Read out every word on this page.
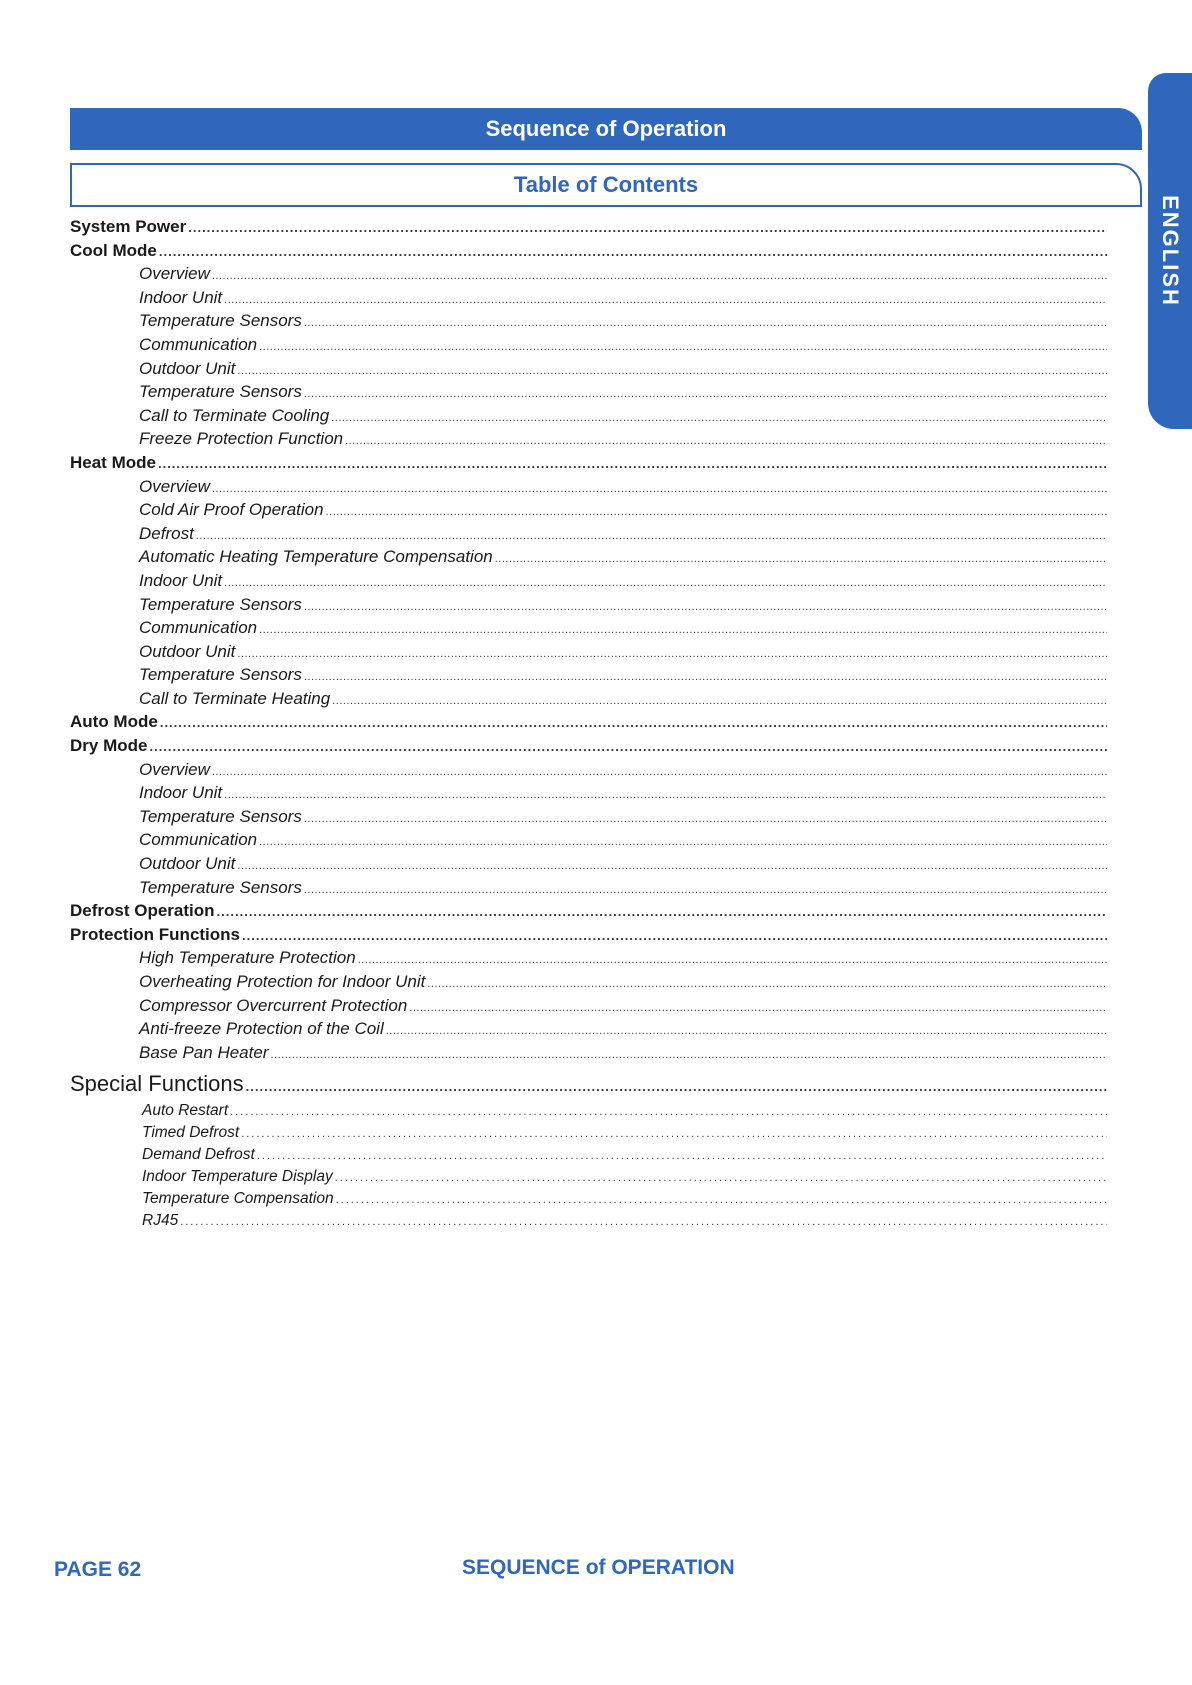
ENGLISH
Sequence of Operation
Table of Contents
System Power
.....
Cool Mode
.....
Overview
.....
Indoor Unit
.....
Temperature Sensors
.....
Communication
.....
Outdoor Unit
.....
Temperature Sensors
.....
Call to Terminate Cooling
.....
Freeze Protection Function
.....
Heat Mode
.....
Overview
.....
Cold Air Proof Operation
.....
Defrost
.....
Automatic Heating Temperature Compensation
.....
Indoor Unit
.....
Temperature Sensors
.....
Communication
.....
Outdoor Unit
.....
Temperature Sensors
.....
Call to Terminate Heating
.....
Auto Mode
.....
Dry Mode
.....
Overview
.....
Indoor Unit
.....
Temperature Sensors
.....
Communication
.....
Outdoor Unit
.....
Temperature Sensors
.....
Defrost Operation
.....
Protection Functions
.....
High Temperature Protection
.....
Overheating Protection for Indoor Unit
.....
Compressor Overcurrent Protection
.....
Anti-freeze Protection of the Coil
.....
Base Pan Heater
.....
Special Functions
.....
Auto Restart
.....
Timed Defrost
.....
Demand Defrost
.....
Indoor Temperature Display
.....
Temperature Compensation
.....
RJ45
.....
PAGE 62	SEQUENCE of OPERATION
